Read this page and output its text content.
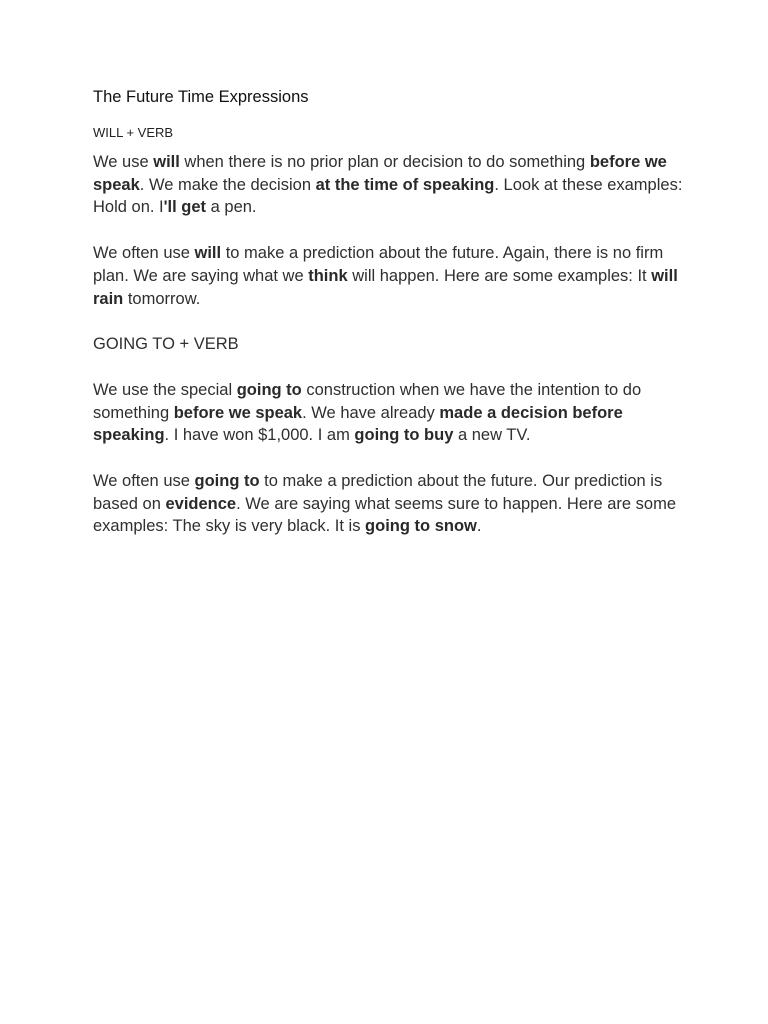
The Future Time Expressions
WILL + VERB

We use will when there is no prior plan or decision to do something before we speak. We make the decision at the time of speaking. Look at these examples: Hold on. I'll get a pen.

We often use will to make a prediction about the future. Again, there is no firm plan. We are saying what we think will happen. Here are some examples: It will rain tomorrow.

GOING TO + VERB

We use the special going to construction when we have the intention to do something before we speak. We have already made a decision before speaking. I have won $1,000. I am going to buy a new TV.

We often use going to to make a prediction about the future. Our prediction is based on evidence. We are saying what seems sure to happen. Here are some examples: The sky is very black. It is going to snow.
